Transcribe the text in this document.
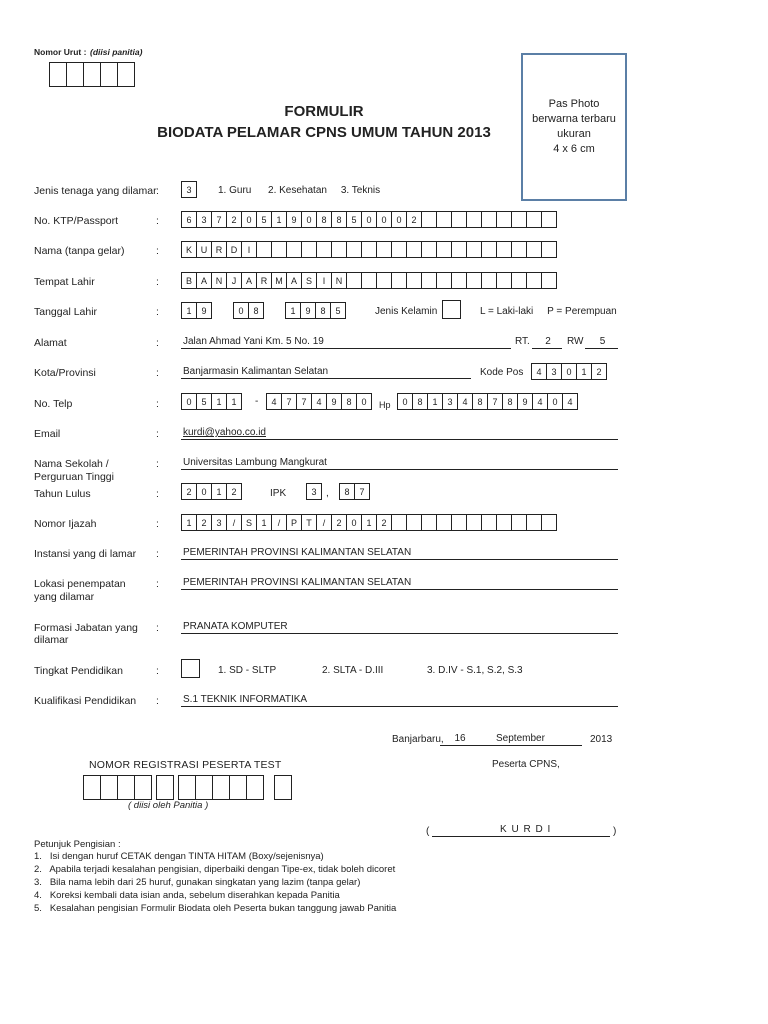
Nomor Urut : (diisi panitia)
FORMULIR
BIODATA PELAMAR CPNS UMUM TAHUN 2013
Pas Photo
berwarna terbaru
ukuran
4 x 6 cm
Jenis tenaga yang dilamar :	3	1. Guru      2. Kesehatan     3. Teknis
No. KTP/Passport	:	6	3	7	2	0	5	1	9	0	8	8	5	0	0	0	2
Nama (tanpa gelar)	:	K U R D	I
Tempat Lahir	:	B A N	J	A R M A S	I	N
Tanggal Lahir	:	1	9	0	8	1	9	8	5	Jenis Kelamin	L = Laki-laki     P = Perempuan
Alamat	: Jalan Ahmad Yani Km. 5 No. 19	RT.	2	RW	5
Kota/Provinsi	: Banjarmasin Kalimantan Selatan	Kode Pos	4	3	0	1	2
No. Telp	:	0	5	1	1	-	4	7	7	4	9	8	0	Hp	0	8	1	3	4	8	7	8	9	4	0	4
Email	: kurdi@yahoo.co.id
Nama Sekolah /
Perguruan Tinggi
: Universitas Lambung Mangkurat
Tahun Lulus	:	2	0	1	2	IPK	3 ,	8	7
Nomor Ijazah	:	1	2	3	/	S	1	/	P	T	/	2	0	1	2
Instansi yang di lamar : PEMERINTAH PROVINSI KALIMANTAN SELATAN
Lokasi penempatan
yang dilamar
: PEMERINTAH PROVINSI KALIMANTAN SELATAN
Formasi Jabatan yang
dilamar
: PRANATA KOMPUTER
Tingkat Pendidikan	:	1. SD - SLTP	2. SLTA - D.III	3. D.IV - S.1, S.2, S.3
Kualifikasi Pendidikan : S.1 TEKNIK INFORMATIKA
Banjarbaru,	16	September	2013
NOMOR REGISTRASI PESERTA TEST
( diisi oleh Panitia )
Peserta CPNS,
(	K U R D I	)
Petunjuk Pengisian :
1.   Isi dengan huruf CETAK dengan TINTA HITAM (Boxy/sejenisnya)
2.   Apabila terjadi kesalahan pengisian, diperbaiki dengan Tipe-ex, tidak boleh dicoret
3.   Bila nama lebih dari 25 huruf, gunakan singkatan yang lazim (tanpa gelar)
4.   Koreksi kembali data isian anda, sebelum diserahkan kepada Panitia
5.   Kesalahan pengisian Formulir Biodata oleh Peserta bukan tanggung jawab Panitia
